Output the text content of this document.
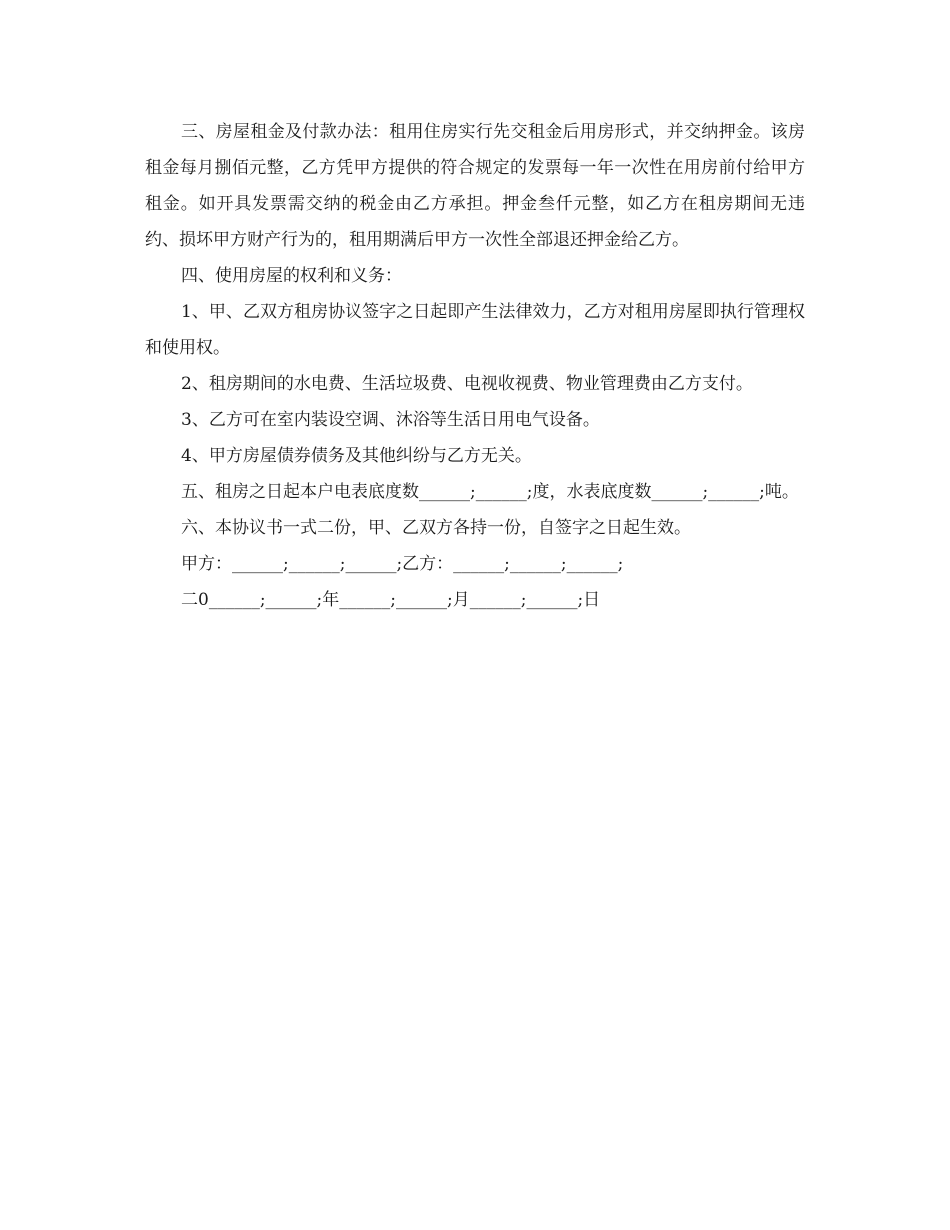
三、房屋租金及付款办法：租用住房实行先交租金后用房形式，并交纳押金。该房租金每月捌佰元整，乙方凭甲方提供的符合规定的发票每一年一次性在用房前付给甲方租金。如开具发票需交纳的税金由乙方承担。押金叁仟元整，如乙方在租房期间无违约、损坏甲方财产行为的，租用期满后甲方一次性全部退还押金给乙方。

四、使用房屋的权利和义务：

1、甲、乙双方租房协议签字之日起即产生法律效力，乙方对租用房屋即执行管理权和使用权。

2、租房期间的水电费、生活垃圾费、电视收视费、物业管理费由乙方支付。

3、乙方可在室内装设空调、沐浴等生活日用电气设备。

4、甲方房屋债券债务及其他纠纷与乙方无关。

五、租房之日起本户电表底度数______;______;度，水表底度数______;______;吨。

六、本协议书一式二份，甲、乙双方各持一份，自签字之日起生效。

甲方：______;______;______;乙方：______;______;______;

二0______;______;年______;______;月______;______;日
